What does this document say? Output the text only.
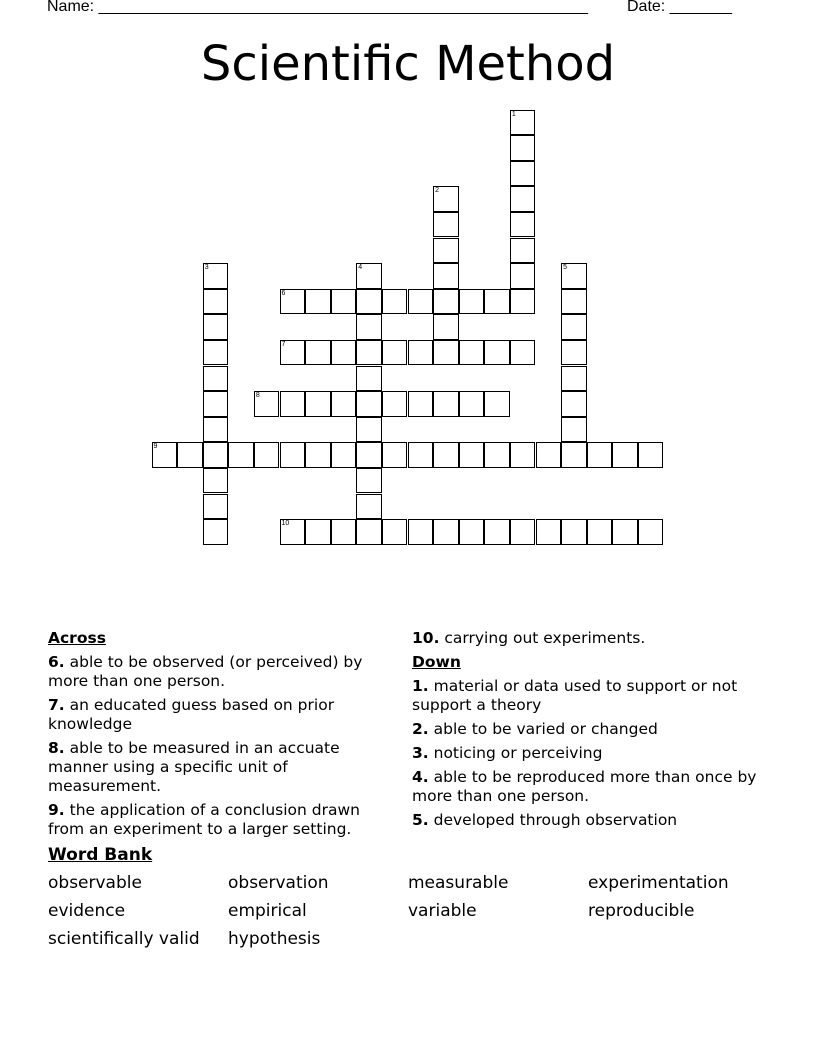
Name: _______________________________________________________ Date: _______
Scientific Method
1
2
3	4	5
6
7
8
9
10
Across
6. able to be observed (or perceived) by more than one person.
7. an educated guess based on prior knowledge
8. able to be measured in an accuate manner using a specific unit of measurement.
9. the application of a conclusion drawn from an experiment to a larger setting.
10. carrying out experiments.
Down
1. material or data used to support or not support a theory
2. able to be varied or changed
3. noticing or perceiving
4. able to be reproduced more than once by more than one person.
5. developed through observation
Word Bank
observable	observation	measurable	experimentation
evidence	empirical	variable	reproducible
scientifically valid	hypothesis
